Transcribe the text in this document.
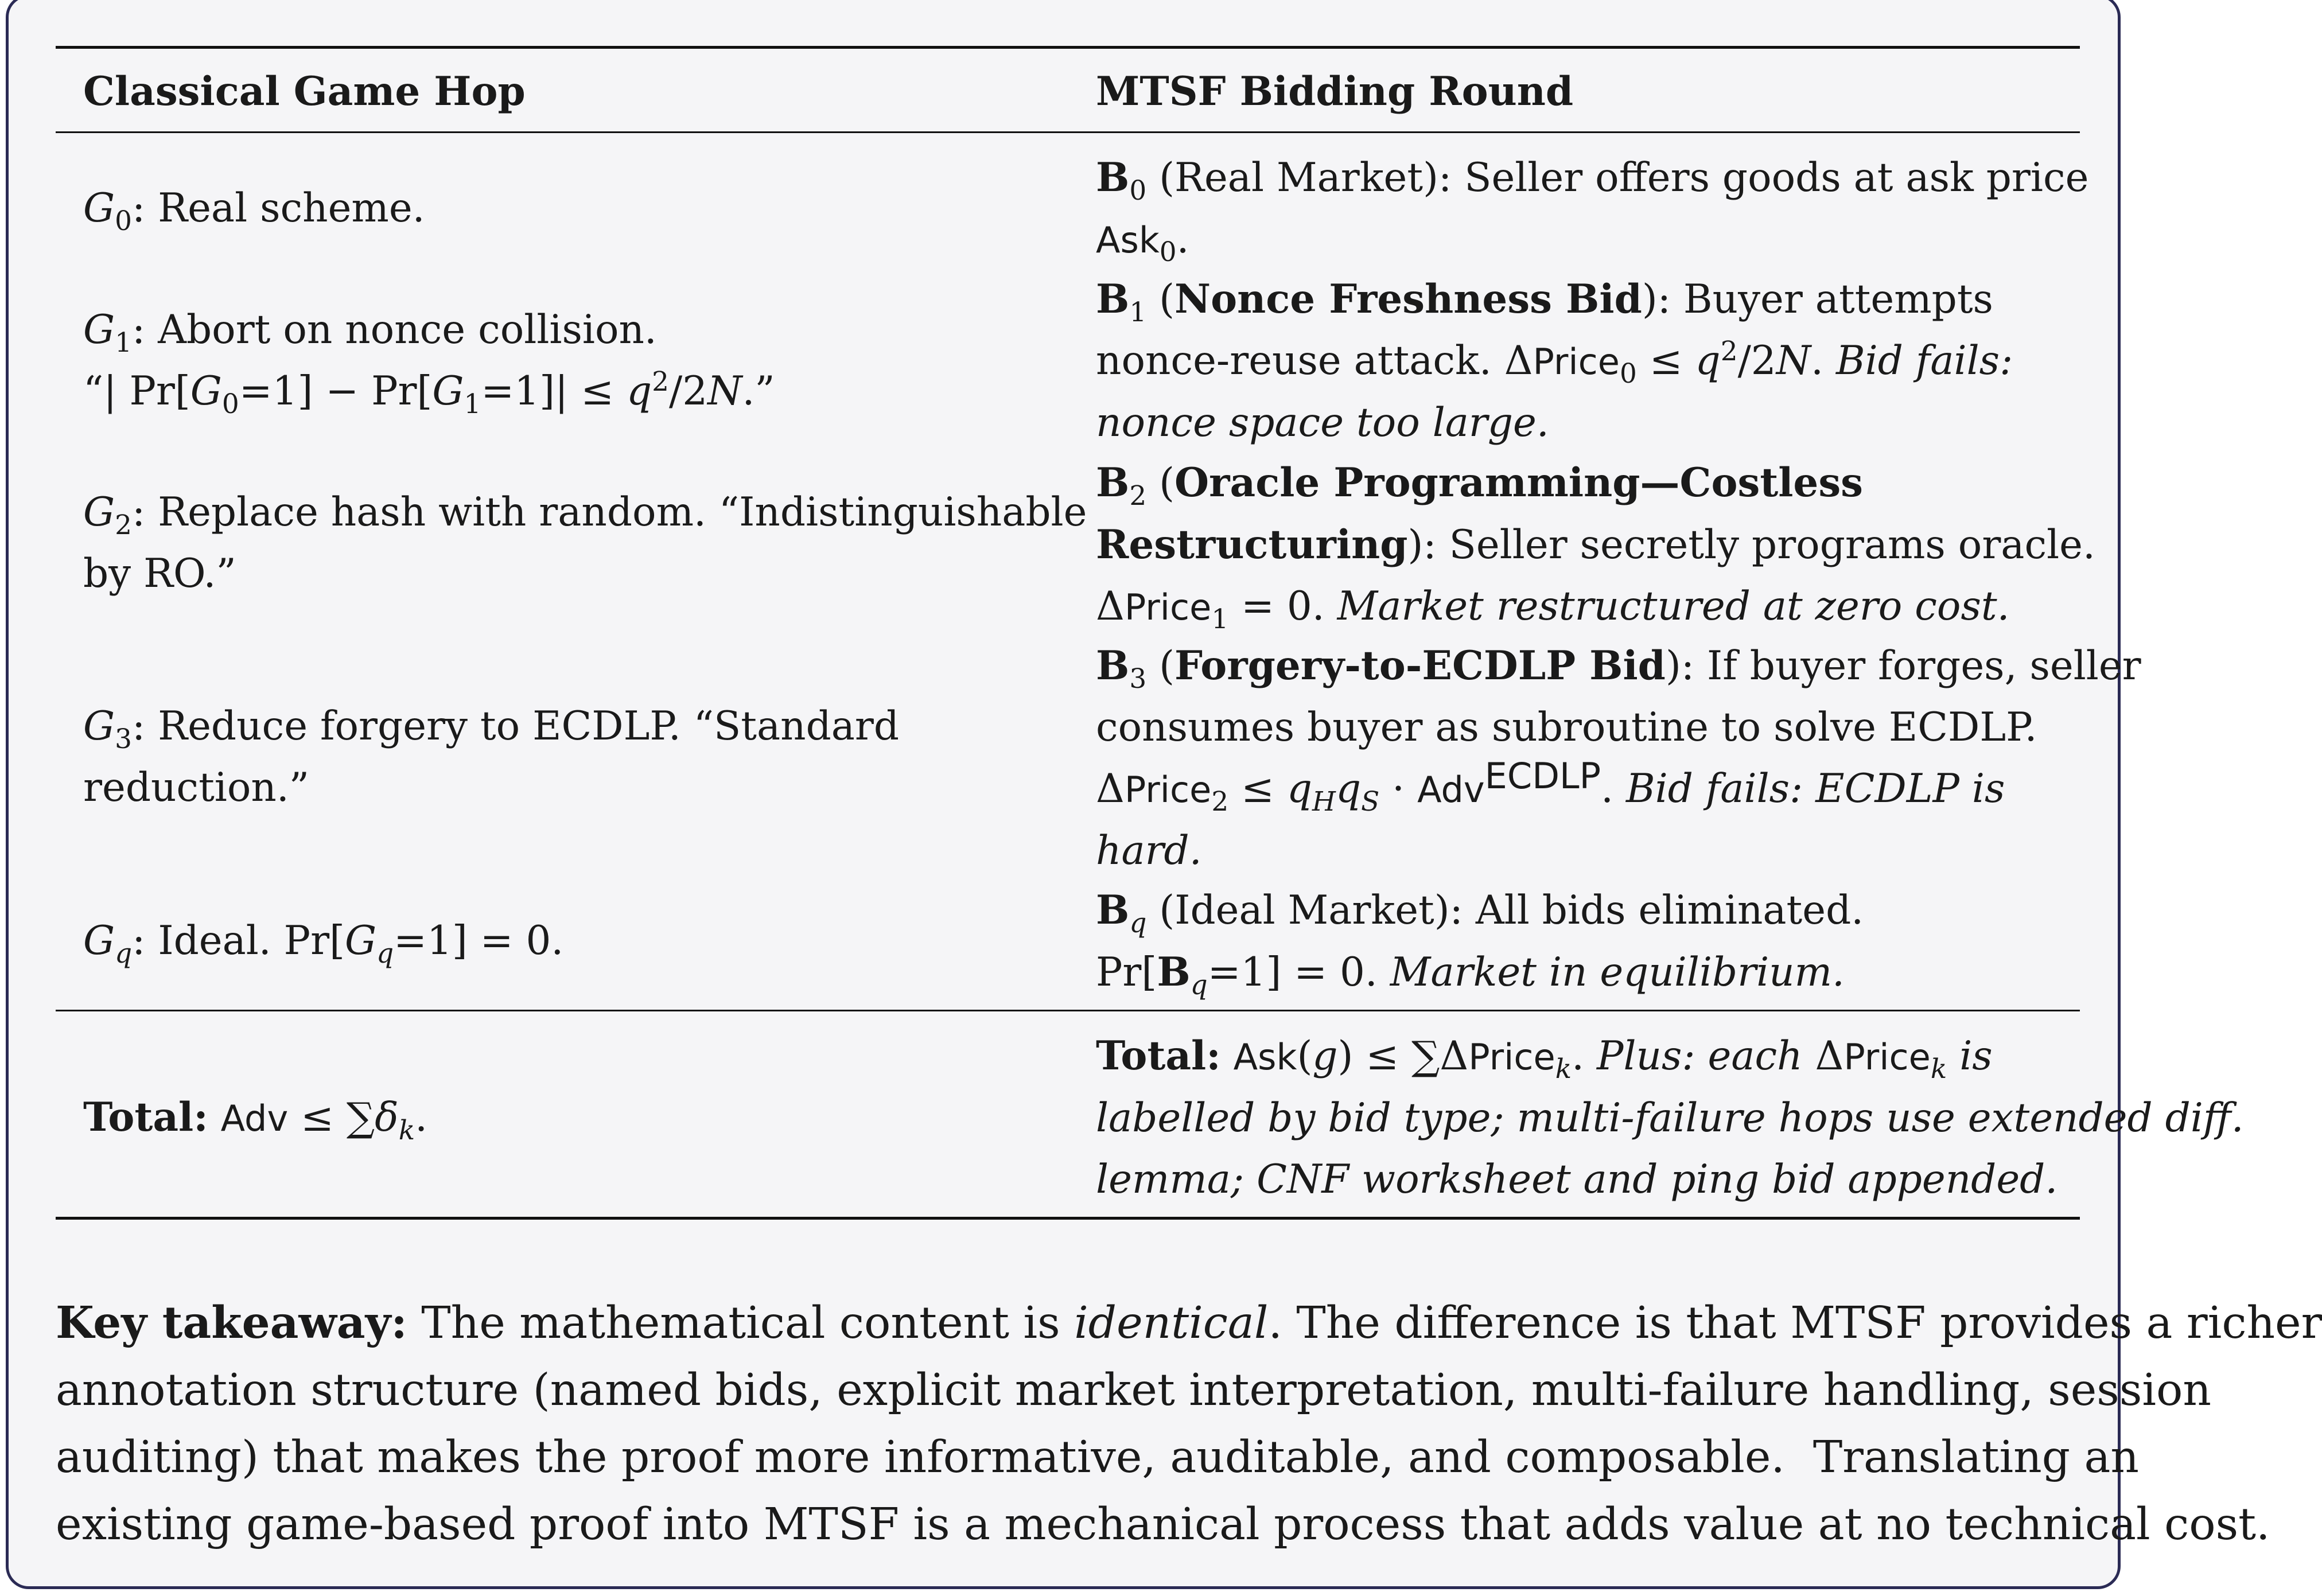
Classical Game Hop	MTSF Bidding Round
$G_0$: Real scheme.
$B_0$ (Real Market): Seller offers goods at ask price
Ask$_0$.
$G_1$: Abort on nonce collision.
“| $Pr[G_0=1] - Pr[G_1=1]| \le q^2/2N$.”
$B_1$ (Nonce Freshness Bid): Buyer attempts
nonce-reuse attack. ΔPrice$_0$ ≤ $q^2/2N$. Bid fails:
nonce space too large.
$G_2$: Replace hash with random. “Indistinguishable
by RO.”
$B_2$ (Oracle Programming—Costless
Restructuring): Seller secretly programs oracle.
ΔPrice$_1$ = 0. Market restructured at zero cost.
$G_3$: Reduce forgery to ECDLP. “Standard
reduction.”
$B_3$ (Forgery-to-ECDLP Bid): If buyer forges, seller
consumes buyer as subroutine to solve ECDLP.
ΔPrice$_2$ ≤ $q_Hq_S \cdot Adv^{ECDLP}$. Bid fails: ECDLP is
hard.
$G_q$: Ideal. $Pr[G_q=1] = 0$.
$B_q$ (Ideal Market): All bids eliminated.
$Pr[B_q=1] = 0$. Market in equilibrium.
Total: Adv ≤ $\sum\delta_k$.
Total: Ask(g) ≤ ∑ΔPrice$_k$. Plus: each ΔPrice$_k$ is
labelled by bid type; multi-failure hops use extended diff.
lemma; CNF worksheet and ping bid appended.
Key takeaway: The mathematical content is identical. The difference is that MTSF provides a richer
annotation structure (named bids, explicit market interpretation, multi-failure handling, session
auditing) that makes the proof more informative, auditable, and composable.  Translating an
existing game-based proof into MTSF is a mechanical process that adds value at no technical cost.
